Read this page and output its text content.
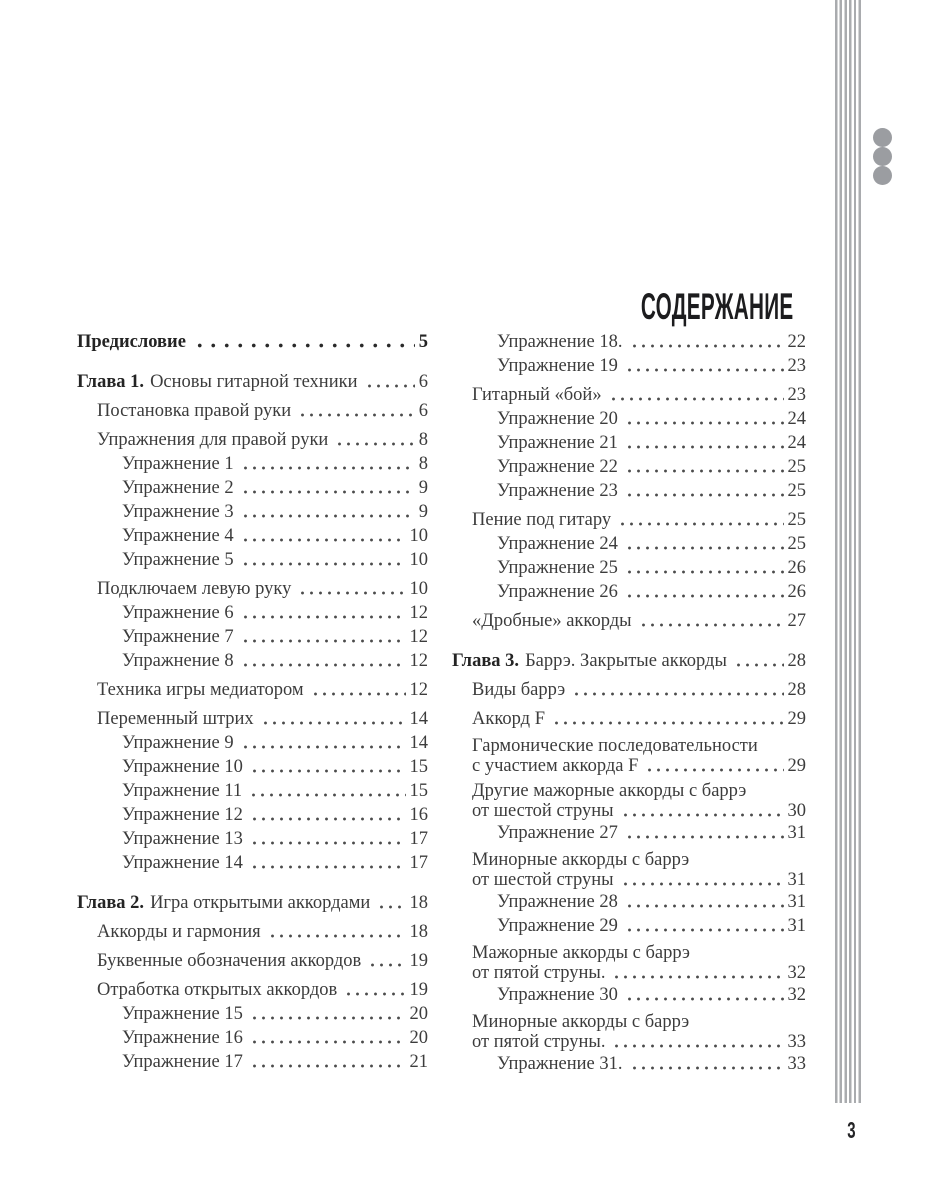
СОДЕРЖАНИЕ
Предисловие	5
Глава 1. Основы гитарной техники	6
Постановка правой руки	6
Упражнения для правой руки	8
Упражнение 1	8
Упражнение 2	9
Упражнение 3	9
Упражнение 4	10
Упражнение 5	10
Подключаем левую руку	10
Упражнение 6	12
Упражнение 7	12
Упражнение 8	12
Техника игры медиатором	12
Переменный штрих	14
Упражнение 9	14
Упражнение 10	15
Упражнение 11	15
Упражнение 12	16
Упражнение 13	17
Упражнение 14	17
Глава 2. Игра открытыми аккордами 18
Аккорды и гармония	18
Буквенные обозначения аккордов	19
Отработка открытых аккордов	19
Упражнение 15	20
Упражнение 16	20
Упражнение 17	21
Упражнение 18.	22
Упражнение 19	23
Гитарный «бой»	23
Упражнение 20	24
Упражнение 21	24
Упражнение 22	25
Упражнение 23	25
Пение под гитару	25
Упражнение 24	25
Упражнение 25	26
Упражнение 26	26
«Дробные» аккорды	27
Глава 3. Баррэ. Закрытые аккорды	28
Виды баррэ	28
Аккорд F	29
Гармонические последовательности
с участием аккорда F	29
Другие мажорные аккорды с баррэ
от шестой струны	30
Упражнение 27	31
Минорные аккорды с баррэ
от шестой струны	31
Упражнение 28	31
Упражнение 29	31
Мажорные аккорды с баррэ
от пятой струны.	32
Упражнение 30	32
Минорные аккорды с баррэ
от пятой струны.	33
Упражнение 31.	33
3
